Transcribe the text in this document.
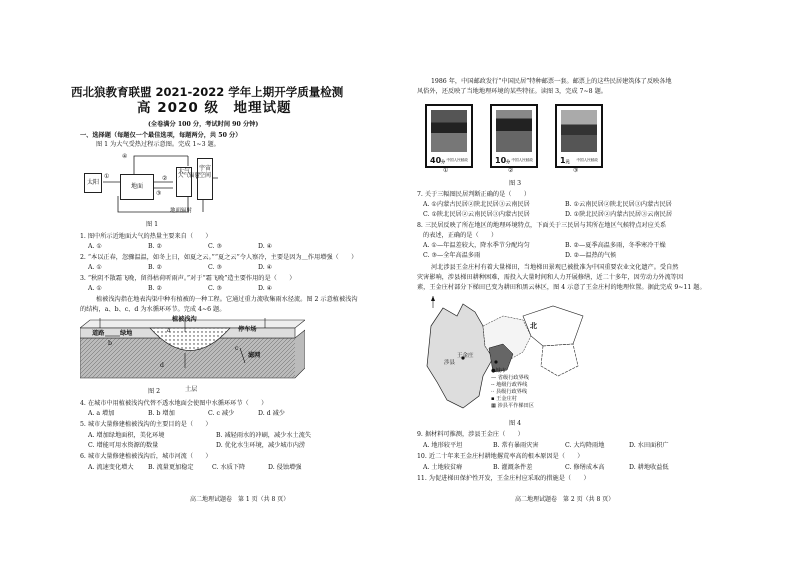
西北狼教育联盟 2021-2022 学年上期开学质量检测
高 2020 级　地理试题
(全卷满分 100 分，考试时间 90 分钟)
一、选择题（每题仅一个最佳选项，每题两分，共 50 分）
图 1 为大气受热过程示意图。完成 1~3 题。
太阳
地面
大气	宇宙空间
④
①	②
③
大气辐射
地面辐射
图 1
1. 图中所示近地面大气的热量主要来自（　　）
A. ①	B. ②	C. ③	D. ④
2. “本以正春，忽骤温温，如冬上日，如夏之云。”“夏之云”令人察冷，主要是因为＿作用增强（　　）
A. ①	B. ②	C. ③	D. ④
3. “秋阴不散霜飞晚，留得枯荷听雨声。”对于“霜飞晚”造主要作用的是（　　）
A. ①	B. ②	C. ③	D. ④
植被浅沟指在地表沟渠中种有植被的一种工程。它通过重力流收集雨水径流。图 2 示意植被浅沟
的结构，a、b、c、d 为水循环环节。完成 4~6 题。
道路	绿地
植被浅沟
停车场
滤网
土层
a
b
c
d
图 2
4. 在城市中用植被浅沟代替不透水地面会使图中水循环环节（　　）
A. a 增加	B. b 增加	C. c 减少	D. d 减少
5. 城市大量修建植被浅沟的主要目的是（　　）
A. 增加绿地面积，美化环境	B. 减轻雨水的冲刷，减少水土流失
C. 增能可用水资源的数量	D. 优化水生环境，减少城市内涝
6. 城市大量修建植被浅沟后，城市河流（　　）
A. 流速变化增大 B. 流量更加稳定	C. 水质下降	D. 侵蚀增强
高二地理试题卷　第 1 页（共 8 页）
1986 年，中国邮政发行“中国民居”特种邮票一套。邮票上的这些民居建筑体了反映各地
风俗外，还反映了当地地理环境的某些特征。读图 3，完成 7~8 题。
40分 中国人民邮政	10分 中国人民邮政	1元 中国人民邮政
①	②	③
图 3
7. 关于三幅图民居判断正确的是（　　）
A. ①内蒙古民居②陕北民居③云南民居	B. ①云南民居②陕北民居③内蒙古民居
C. ①陕北民居②云南民居③内蒙古民居	D. ①陕北民居②内蒙古民居③云南民居
8. 三民居反映了所在地区的地理环境特点，下面关于三民居与其所在地区气候特点对应关系
的表述，正确的是（　　）
A. ①—年温差较大，降水季节分配均匀	B. ②—夏季高温多雨，冬季寒冷干燥
C. ③—全年高温多雨	D. ②—温热的气候
河北涉县王金庄村有着大量梯田，当地梯田景观已被批准为中国重要农业文化遗产。受自然
灾害影响，涉县梯田耕种困难，需投入大量时间和人力开展修缮，近二十多年，因劳动力外流等因
素，王金庄村部分下梯田已变为耕田和黑云林区，图 4 示意了王金庄村的地理位置。据此完成 9~11 题。
北
王金庄
涉县
●城市
— 省级行政界线
-- 地级行政界线
·· 县级行政界线
▪ 王金庄村
▦ 涉县平作梯田区
图 4
9. 据材料可推测，涉县王金庄（　　）
A. 地形较平坦	B. 常有暴雨灾害	C. 大均降雨地	D. 水田面积广
10. 近二十年来王金庄村耕地撂荒率高的根本原因是（　　）
A. 土地较贫瘠	B. 灌溉条件差	C. 修缮成本高	D. 耕地收益低
11. 为促进梯田保护性开发，王金庄村应采取的措施是（　　）
高二地理试题卷　第 2 页（共 8 页）
